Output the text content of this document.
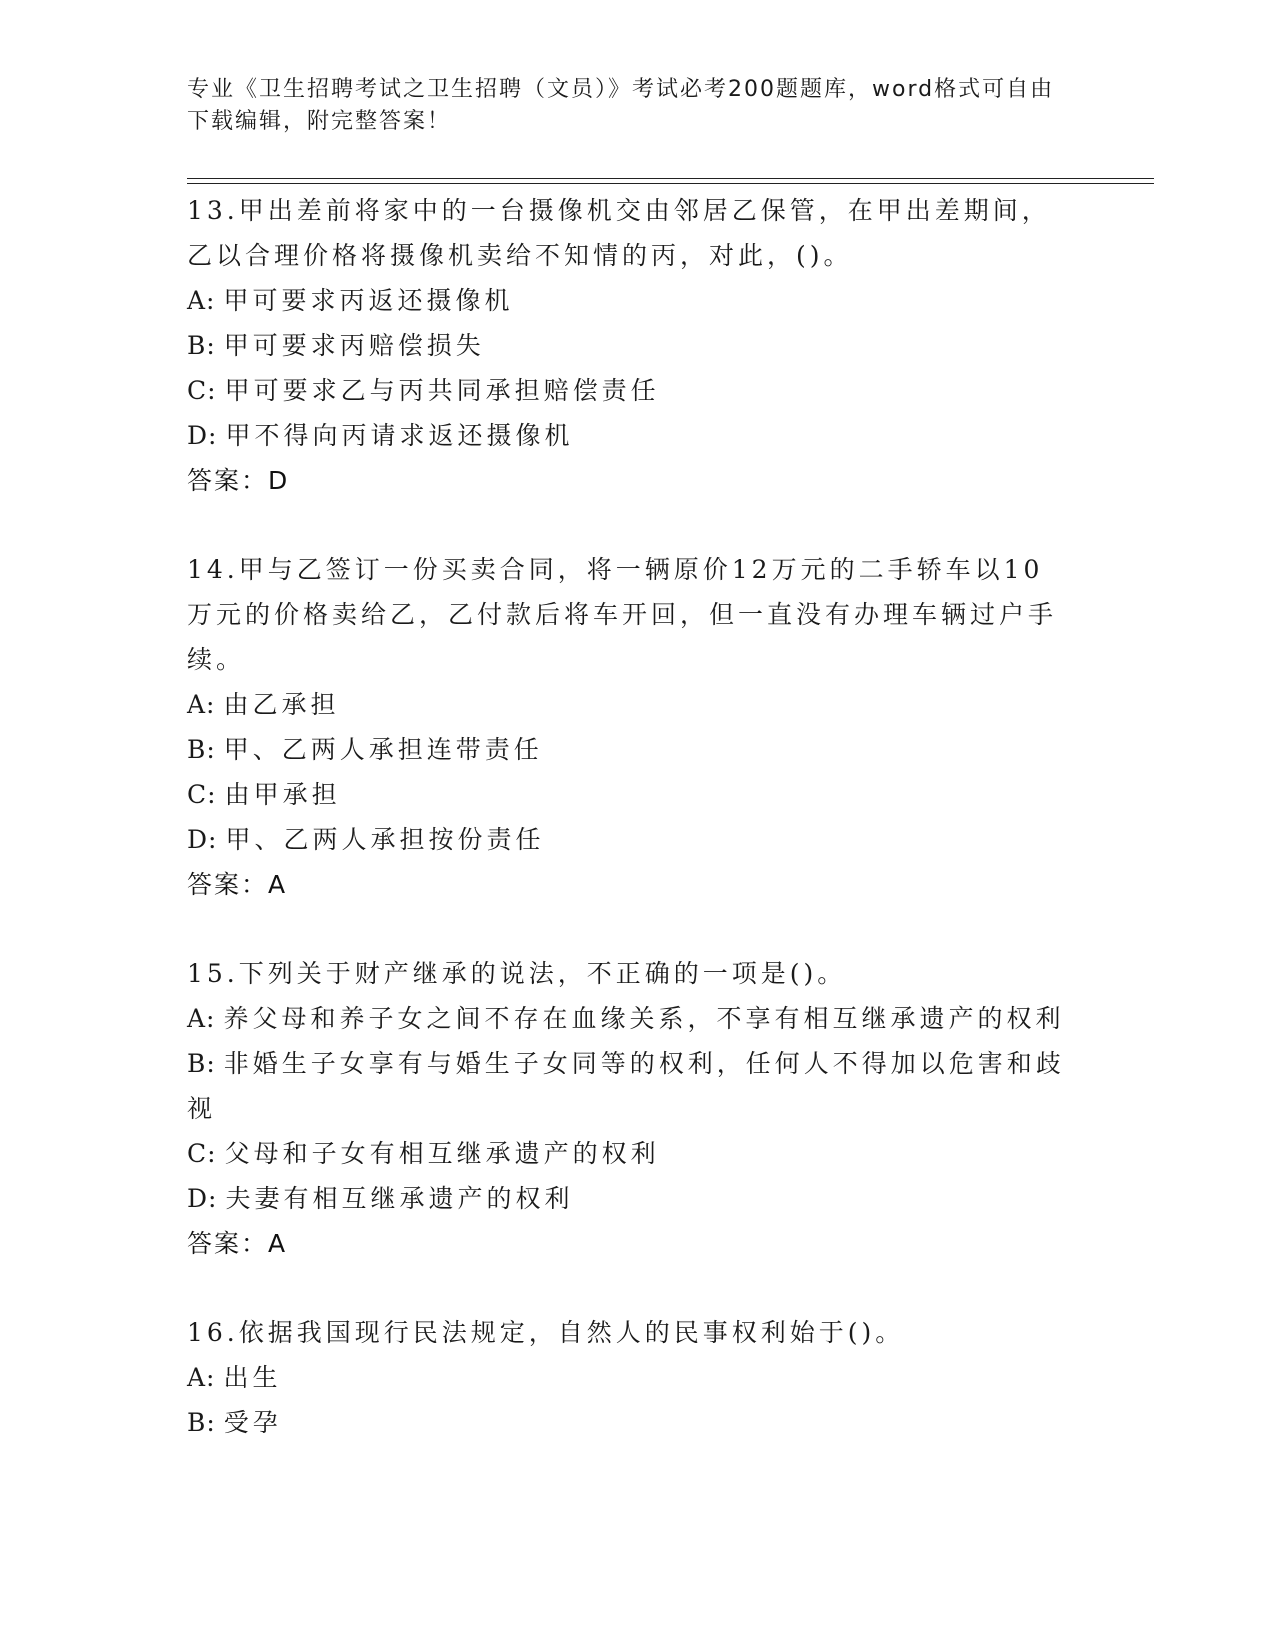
专业《卫生招聘考试之卫生招聘（文员）》考试必考200题题库，word格式可自由下载编辑，附完整答案！
13.甲出差前将家中的一台摄像机交由邻居乙保管，在甲出差期间，乙以合理价格将摄像机卖给不知情的丙，对此，()。
A: 甲可要求丙返还摄像机
B: 甲可要求丙赔偿损失
C: 甲可要求乙与丙共同承担赔偿责任
D: 甲不得向丙请求返还摄像机
答案：D
14.甲与乙签订一份买卖合同，将一辆原价12万元的二手轿车以10万元的价格卖给乙，乙付款后将车开回，但一直没有办理车辆过户手续。
A: 由乙承担
B: 甲、乙两人承担连带责任
C: 由甲承担
D: 甲、乙两人承担按份责任
答案：A
15.下列关于财产继承的说法，不正确的一项是()。
A: 养父母和养子女之间不存在血缘关系，不享有相互继承遗产的权利
B: 非婚生子女享有与婚生子女同等的权利，任何人不得加以危害和歧视
C: 父母和子女有相互继承遗产的权利
D: 夫妻有相互继承遗产的权利
答案：A
16.依据我国现行民法规定，自然人的民事权利始于()。
A: 出生
B: 受孕
